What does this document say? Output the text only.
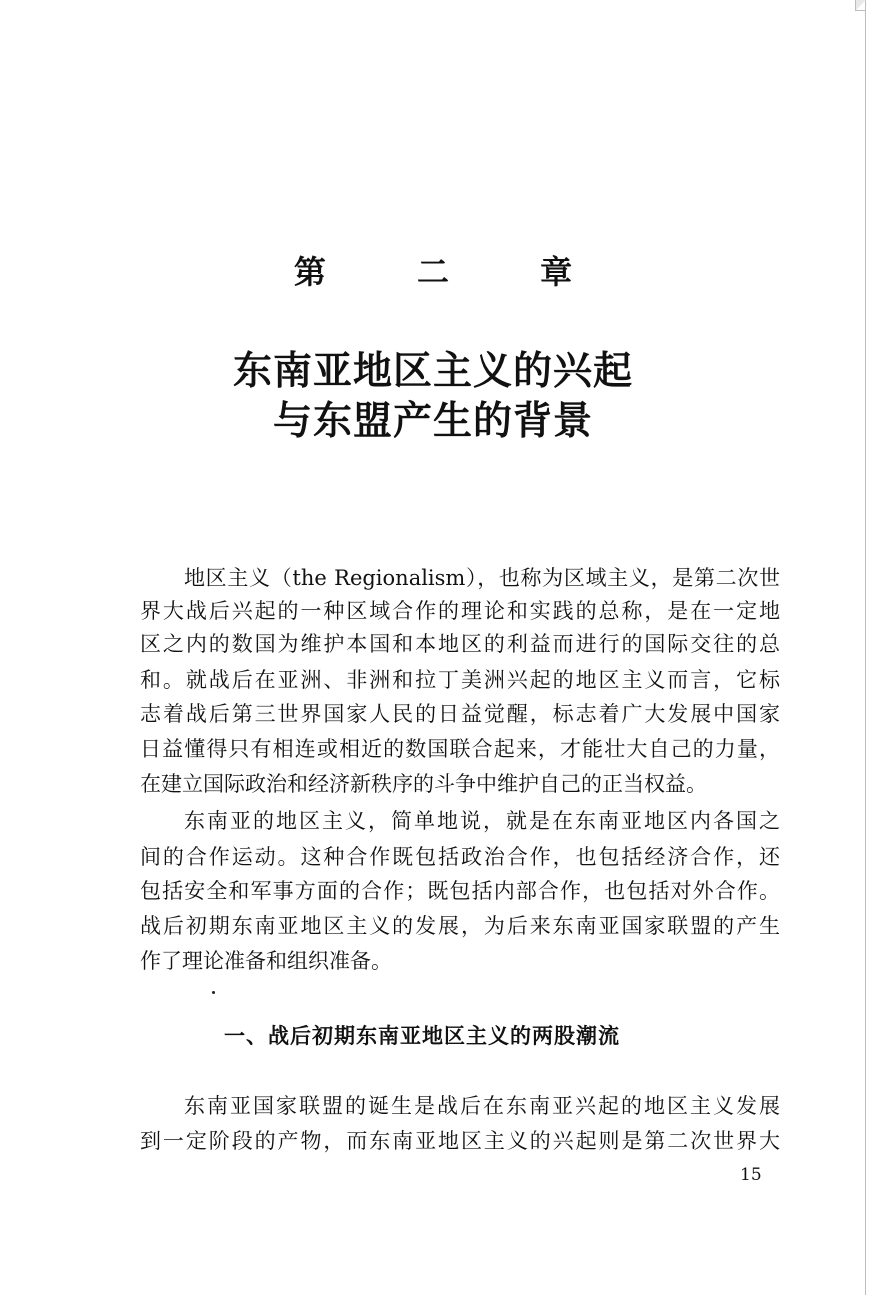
第 二 章
东南亚地区主义的兴起
与东盟产生的背景
地区主义（the Regionalism），也称为区域主义，是第二次世
界大战后兴起的一种区域合作的理论和实践的总称，是在一定地
区之内的数国为维护本国和本地区的利益而进行的国际交往的总
和。就战后在亚洲、非洲和拉丁美洲兴起的地区主义而言，它标
志着战后第三世界国家人民的日益觉醒，标志着广大发展中国家
日益懂得只有相连或相近的数国联合起来，才能壮大自己的力量，
在建立国际政治和经济新秩序的斗争中维护自己的正当权益。
东南亚的地区主义，简单地说，就是在东南亚地区内各国之
间的合作运动。这种合作既包括政治合作，也包括经济合作，还
包括安全和军事方面的合作；既包括内部合作，也包括对外合作。
战后初期东南亚地区主义的发展，为后来东南亚国家联盟的产生
作了理论准备和组织准备。
一、战后初期东南亚地区主义的两股潮流
东南亚国家联盟的诞生是战后在东南亚兴起的地区主义发展
到一定阶段的产物，而东南亚地区主义的兴起则是第二次世界大
15
